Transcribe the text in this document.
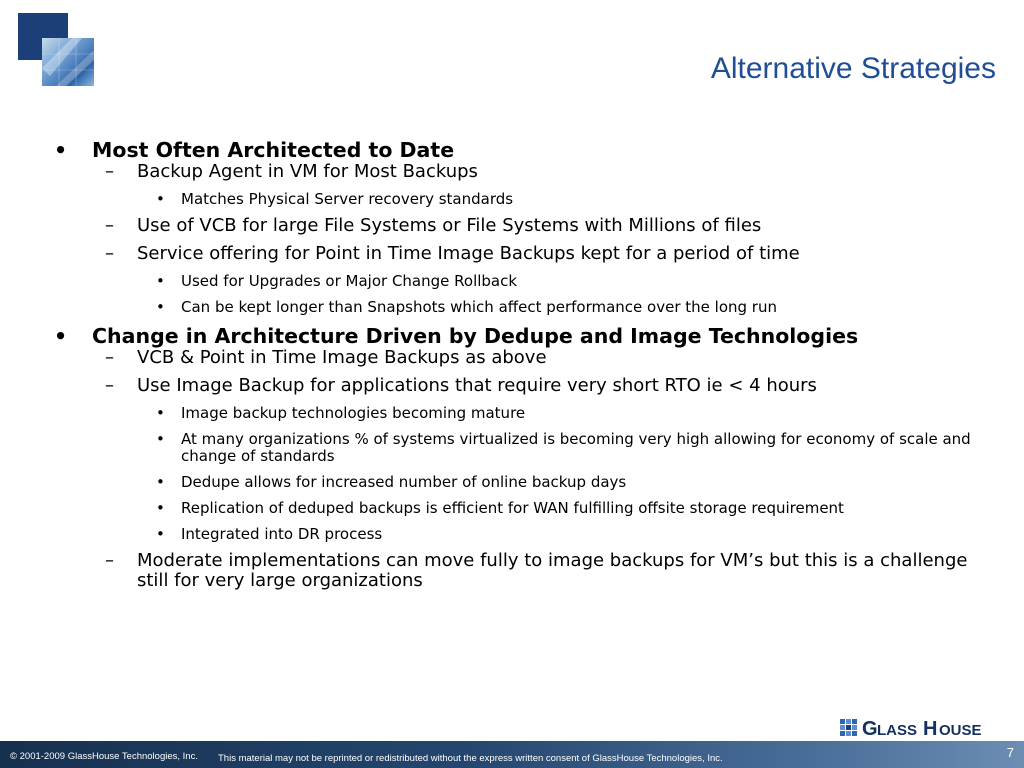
Alternative Strategies
• Most Often Architected to Date
– Backup Agent in VM for Most Backups
• Matches Physical Server recovery standards
– Use of VCB for large File Systems or File Systems with Millions of files
– Service offering for Point in Time Image Backups kept for a period of time
• Used for Upgrades or Major Change Rollback
• Can be kept longer than Snapshots which affect performance over the long run
• Change in Architecture Driven by Dedupe and Image Technologies
– VCB & Point in Time Image Backups as above
– Use Image Backup for applications that require very short RTO ie < 4 hours
• Image backup technologies becoming mature
• At many organizations % of systems virtualized is becoming very high allowing for economy of scale and change of standards
• Dedupe allows for increased number of online backup days
• Replication of deduped backups is efficient for WAN fulfilling offsite storage requirement
• Integrated into DR process
– Moderate implementations can move fully to image backups for VM’s but this is a challenge still for very large organizations
G LASS H OUSE
© 2001-2009 GlassHouse Technologies, Inc. This material may not be reprinted or redistributed without the express written consent of GlassHouse Technologies, Inc.	7
